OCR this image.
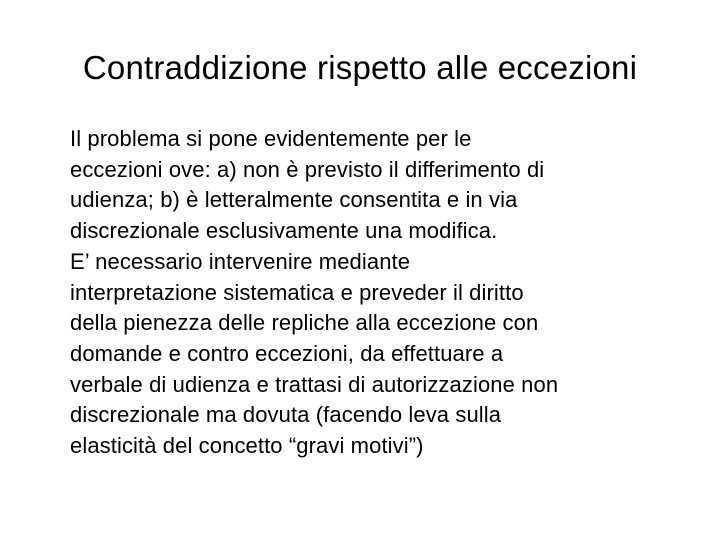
Contraddizione rispetto alle eccezioni

Il problema si pone evidentemente per le
eccezioni ove: a) non è previsto il differimento di
udienza; b) è letteralmente consentita e in via
discrezionale esclusivamente una modifica.

E’ necessario intervenire mediante
interpretazione sistematica e preveder il diritto
della pienezza delle repliche alla eccezione con
domande e contro eccezioni, da effettuare a
verbale di udienza e trattasi di autorizzazione non
discrezionale ma dovuta (facendo leva sulla
elasticità del concetto “gravi motivi”)
